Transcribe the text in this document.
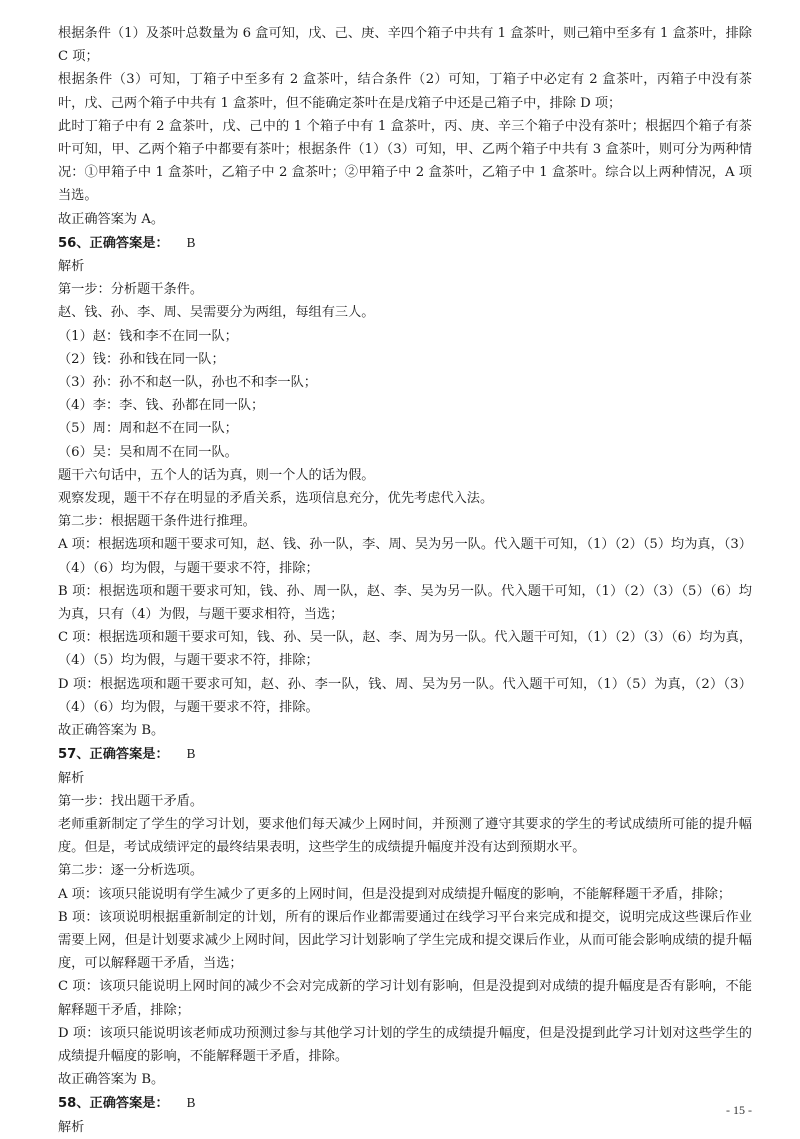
根据条件（1）及茶叶总数量为 6 盒可知，戊、己、庚、辛四个箱子中共有 1 盒茶叶，则己箱中至多有 1 盒茶叶，排除 C 项；

根据条件（3）可知，丁箱子中至多有 2 盒茶叶，结合条件（2）可知，丁箱子中必定有 2 盒茶叶，丙箱子中没有茶叶，戊、己两个箱子中共有 1 盒茶叶，但不能确定茶叶在是戊箱子中还是己箱子中，排除 D 项；

此时丁箱子中有 2 盒茶叶，戊、己中的 1 个箱子中有 1 盒茶叶，丙、庚、辛三个箱子中没有茶叶；根据四个箱子有茶叶可知，甲、乙两个箱子中都要有茶叶；根据条件（1）（3）可知，甲、乙两个箱子中共有 3 盒茶叶，则可分为两种情况：①甲箱子中 1 盒茶叶，乙箱子中 2 盒茶叶；②甲箱子中 2 盒茶叶，乙箱子中 1 盒茶叶。综合以上两种情况，A 项当选。

故正确答案为 A。

56、正确答案是： B

解析

第一步：分析题干条件。

赵、钱、孙、李、周、吴需要分为两组，每组有三人。

（1）赵：钱和李不在同一队；

（2）钱：孙和钱在同一队；

（3）孙：孙不和赵一队，孙也不和李一队；

（4）李：李、钱、孙都在同一队；

（5）周：周和赵不在同一队；

（6）吴：吴和周不在同一队。

题干六句话中，五个人的话为真，则一个人的话为假。

观察发现，题干不存在明显的矛盾关系，选项信息充分，优先考虑代入法。

第二步：根据题干条件进行推理。

A 项：根据选项和题干要求可知，赵、钱、孙一队，李、周、吴为另一队。代入题干可知，（1）（2）（5）均为真，（3）（4）（6）均为假，与题干要求不符，排除；

B 项：根据选项和题干要求可知，钱、孙、周一队，赵、李、吴为另一队。代入题干可知，（1）（2）（3）（5）（6）均为真，只有（4）为假，与题干要求相符，当选；

C 项：根据选项和题干要求可知，钱、孙、吴一队，赵、李、周为另一队。代入题干可知，（1）（2）（3）（6）均为真，（4）（5）均为假，与题干要求不符，排除；

D 项：根据选项和题干要求可知，赵、孙、李一队，钱、周、吴为另一队。代入题干可知，（1）（5）为真，（2）（3）（4）（6）均为假，与题干要求不符，排除。

故正确答案为 B。

57、正确答案是： B

解析

第一步：找出题干矛盾。

老师重新制定了学生的学习计划，要求他们每天减少上网时间，并预测了遵守其要求的学生的考试成绩所可能的提升幅度。但是，考试成绩评定的最终结果表明，这些学生的成绩提升幅度并没有达到预期水平。

第二步：逐一分析选项。

A 项：该项只能说明有学生减少了更多的上网时间，但是没提到对成绩提升幅度的影响，不能解释题干矛盾，排除；

B 项：该项说明根据重新制定的计划，所有的课后作业都需要通过在线学习平台来完成和提交，说明完成这些课后作业需要上网，但是计划要求减少上网时间，因此学习计划影响了学生完成和提交课后作业，从而可能会影响成绩的提升幅度，可以解释题干矛盾，当选；

C 项：该项只能说明上网时间的减少不会对完成新的学习计划有影响，但是没提到对成绩的提升幅度是否有影响，不能解释题干矛盾，排除；

D 项：该项只能说明该老师成功预测过参与其他学习计划的学生的成绩提升幅度，但是没提到此学习计划对这些学生的成绩提升幅度的影响，不能解释题干矛盾，排除。

故正确答案为 B。

58、正确答案是： B

解析

- 15 -
